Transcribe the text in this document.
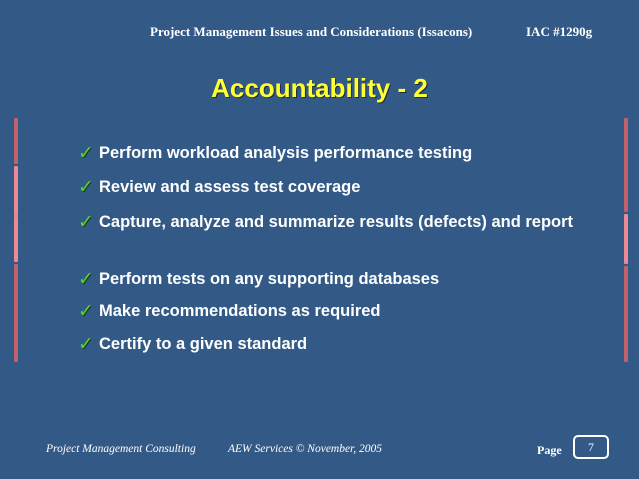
Project Management Issues and Considerations (Issacons)	IAC #1290g
Accountability - 2
✓ Perform workload analysis performance testing
✓ Review and assess test coverage
✓ Capture, analyze and summarize results (defects) and report
✓ Perform tests on any supporting databases
✓ Make recommendations as required
✓ Certify to a given standard
Project Management Consulting	AEW Services © November, 2005	Page	7
